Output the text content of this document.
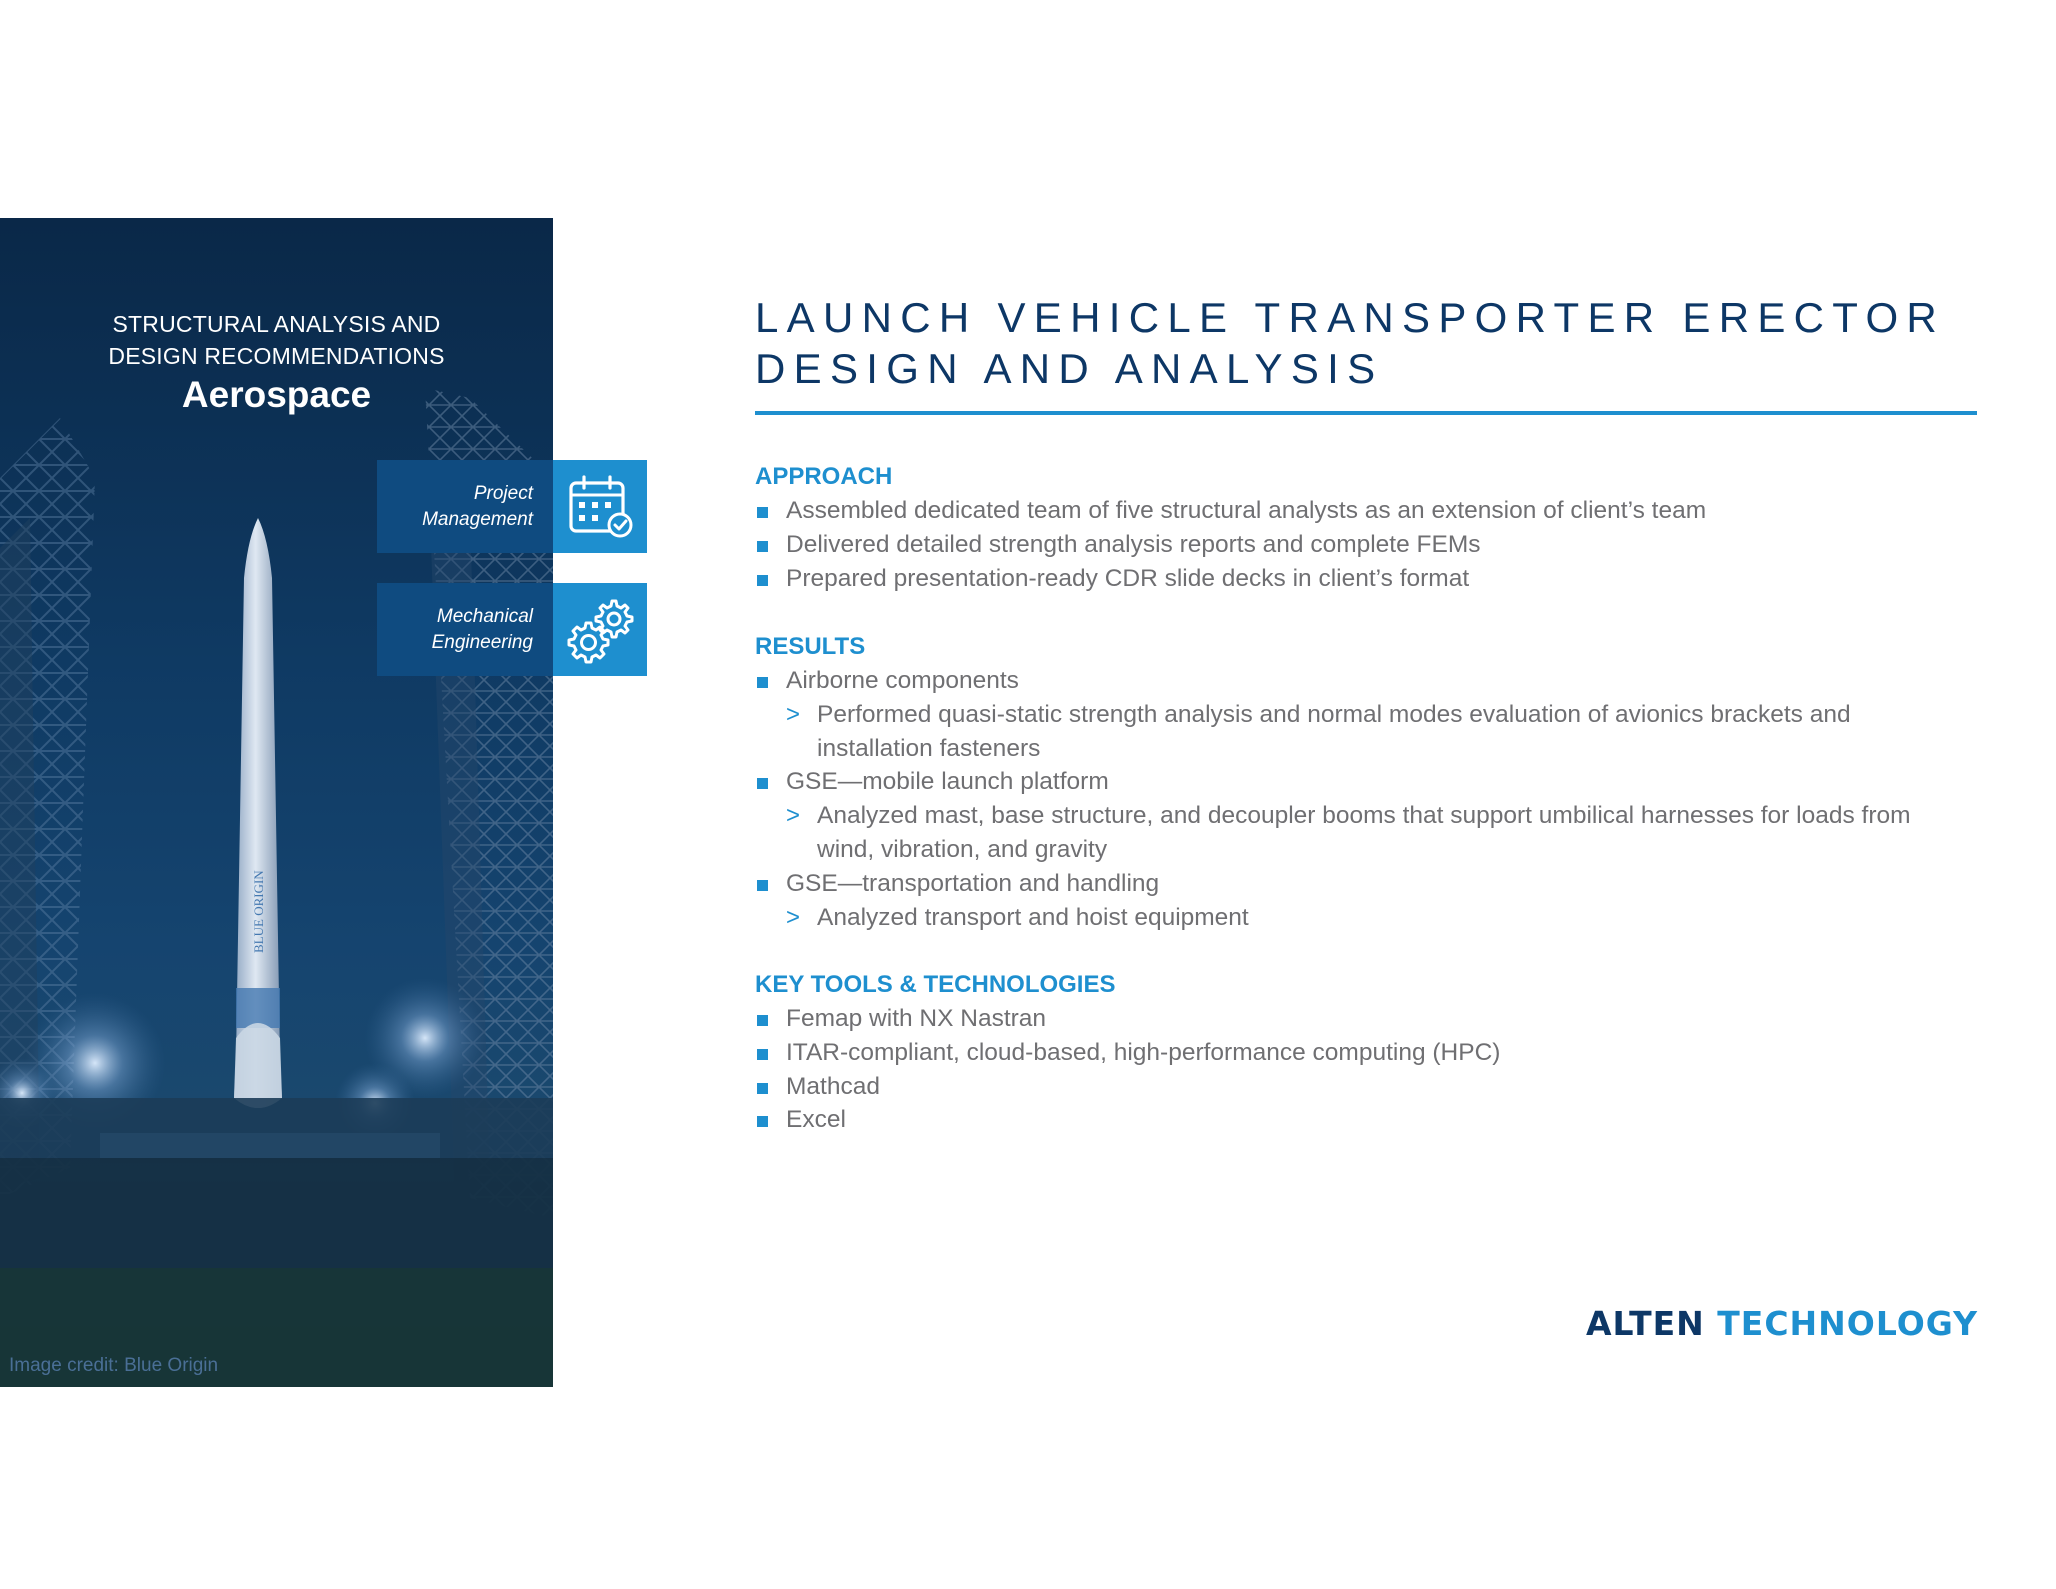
BLUE ORIGIN
STRUCTURAL ANALYSIS AND
DESIGN RECOMMENDATIONS
Aerospace
Image credit: Blue Origin
Project
Management
Mechanical
Engineering
LAUNCH VEHICLE TRANSPORTER ERECTOR
DESIGN AND ANALYSIS
APPROACH
Assembled dedicated team of five structural analysts as an extension of client’s team
Delivered detailed strength analysis reports and complete FEMs
Prepared presentation-ready CDR slide decks in client’s format
RESULTS
Airborne components
> Performed quasi-static strength analysis and normal modes evaluation of avionics brackets and
installation fasteners
GSE—mobile launch platform
> Analyzed mast, base structure, and decoupler booms that support umbilical harnesses for loads from
wind, vibration, and gravity
GSE—transportation and handling
> Analyzed transport and hoist equipment
KEY TOOLS & TECHNOLOGIES
Femap with NX Nastran
ITAR-compliant, cloud-based, high-performance computing (HPC)
Mathcad
Excel
ALTEN TECHNOLOGY
